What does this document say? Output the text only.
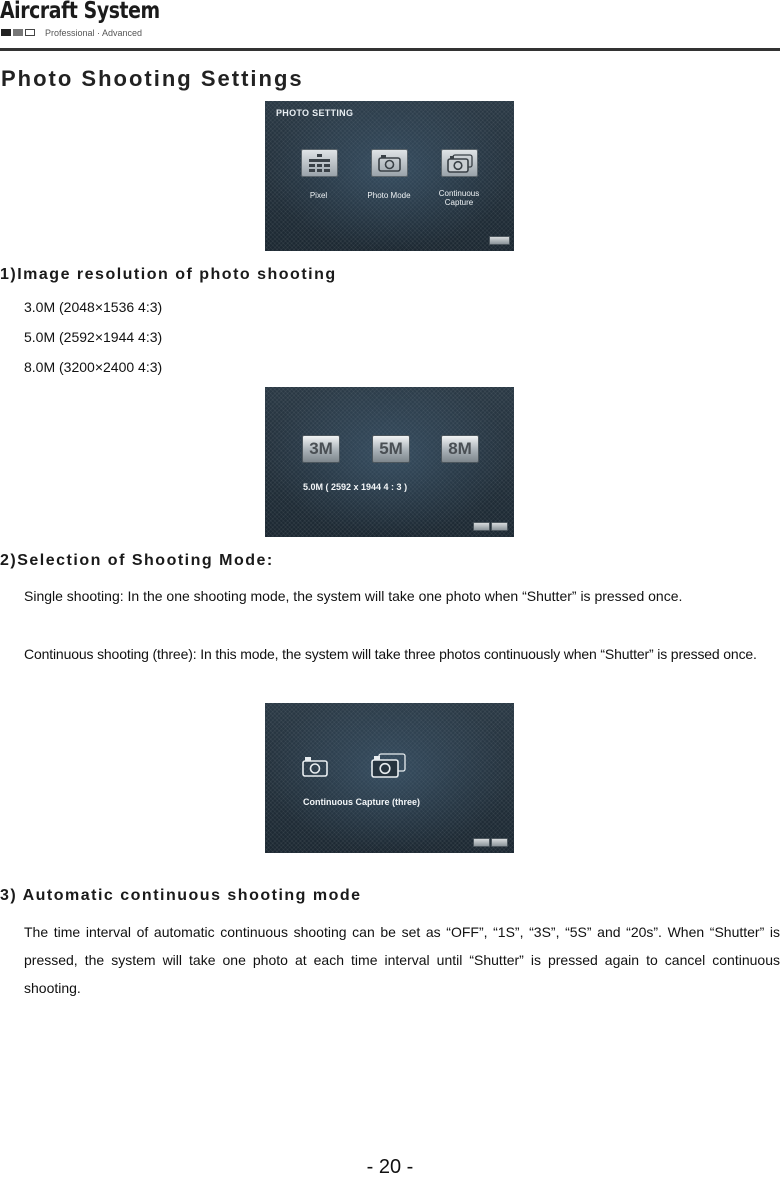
Aircraft System
Professional · Advanced
Photo Shooting Settings
PHOTO SETTING
Pixel	Photo Mode	Continuous Capture
1)Image resolution of photo shooting

3.0M (2048×1536 4:3)

5.0M (2592×1944 4:3)

8.0M (3200×2400 4:3)

3M	5M	8M
5.0M ( 2592 x 1944 4 : 3 )
2)Selection of Shooting Mode:

Single shooting: In the one shooting mode, the system will take one photo when “Shutter” is pressed once.

Continuous shooting (three): In this mode, the system will take three photos continuously when “Shutter” is pressed once.

Continuous Capture (three)
3) Automatic continuous shooting mode

The time interval of automatic continuous shooting can be set as “OFF”, “1S”, “3S”, “5S” and “20s”. When “Shutter” is pressed, the system will take one photo at each time interval until “Shutter” is pressed again to cancel continuous shooting.

- 20 -
